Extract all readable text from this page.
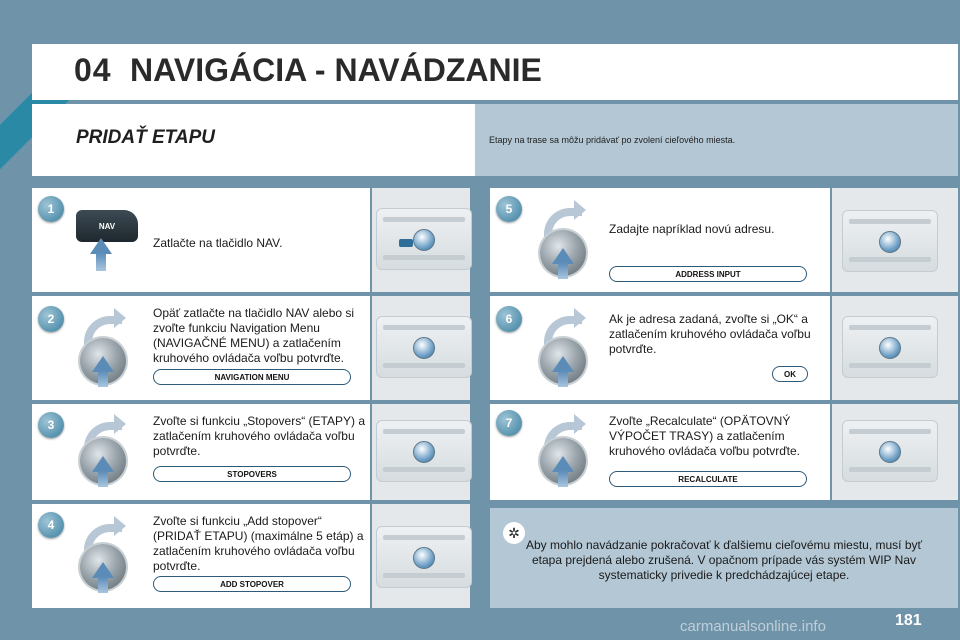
04 NAVIGÁCIA - NAVÁDZANIE
PRIDAŤ ETAPU	Etapy na trase sa môžu pridávať po zvolení cieľového miesta.
1
NAV
Zatlačte na tlačidlo NAV.
2	Opäť zatlačte na tlačidlo NAV alebo si zvoľte funkciu Navigation Menu (NAVIGAČNÉ MENU) a zatlačením kruhového ovládača voľbu potvrďte.
NAVIGATION MENU
3	Zvoľte si funkciu „Stopovers“ (ETAPY) a zatlačením kruhového ovládača voľbu potvrďte.
STOPOVERS
4	Zvoľte si funkciu „Add stopover“ (PRIDAŤ ETAPU) (maximálne 5 etáp) a zatlačením kruhového ovládača voľbu potvrďte.
ADD STOPOVER
5
Zadajte napríklad novú adresu.
ADDRESS INPUT
6	Ak je adresa zadaná, zvoľte si „OK“ a zatlačením kruhového ovládača voľbu potvrďte.
OK
7	Zvoľte „Recalculate“ (OPÄTOVNÝ VÝPOČET TRASY) a zatlačením kruhového ovládača voľbu potvrďte.
RECALCULATE
✲
Aby mohlo navádzanie pokračovať k ďalšiemu cieľovému miestu, musí byť etapa prejdená alebo zrušená. V opačnom prípade vás systém WIP Nav systematicky privedie k predchádzajúcej etape.
carmanualsonline.info	181
